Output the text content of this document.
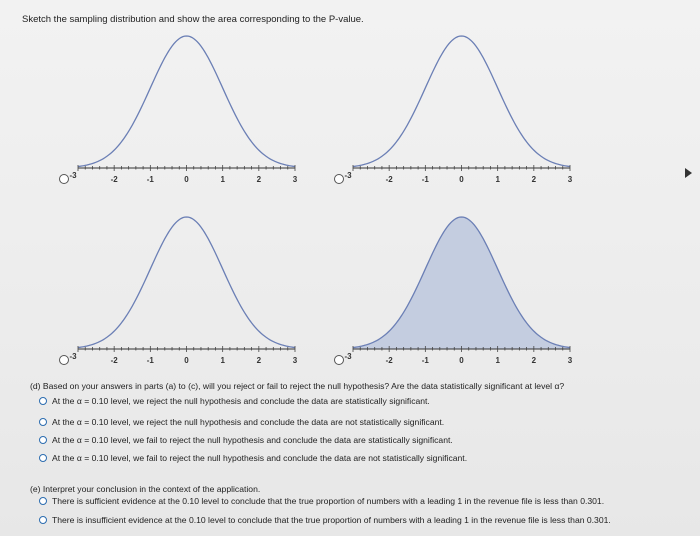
Sketch the sampling distribution and show the area corresponding to the P-value.
-3	-2	-1	0	1	2	3	-3	-2	-1	0	1	2	3
-3	-2	-1	0	1	2	3	-3	-2	-1	0	1	2	3
(d) Based on your answers in parts (a) to (c), will you reject or fail to reject the null hypothesis? Are the data statistically significant at level α?
At the α = 0.10 level, we reject the null hypothesis and conclude the data are statistically significant.
At the α = 0.10 level, we reject the null hypothesis and conclude the data are not statistically significant.
At the α = 0.10 level, we fail to reject the null hypothesis and conclude the data are statistically significant.
At the α = 0.10 level, we fail to reject the null hypothesis and conclude the data are not statistically significant.
(e) Interpret your conclusion in the context of the application.
There is sufficient evidence at the 0.10 level to conclude that the true proportion of numbers with a leading 1 in the revenue file is less than 0.301.
There is insufficient evidence at the 0.10 level to conclude that the true proportion of numbers with a leading 1 in the revenue file is less than 0.301.
